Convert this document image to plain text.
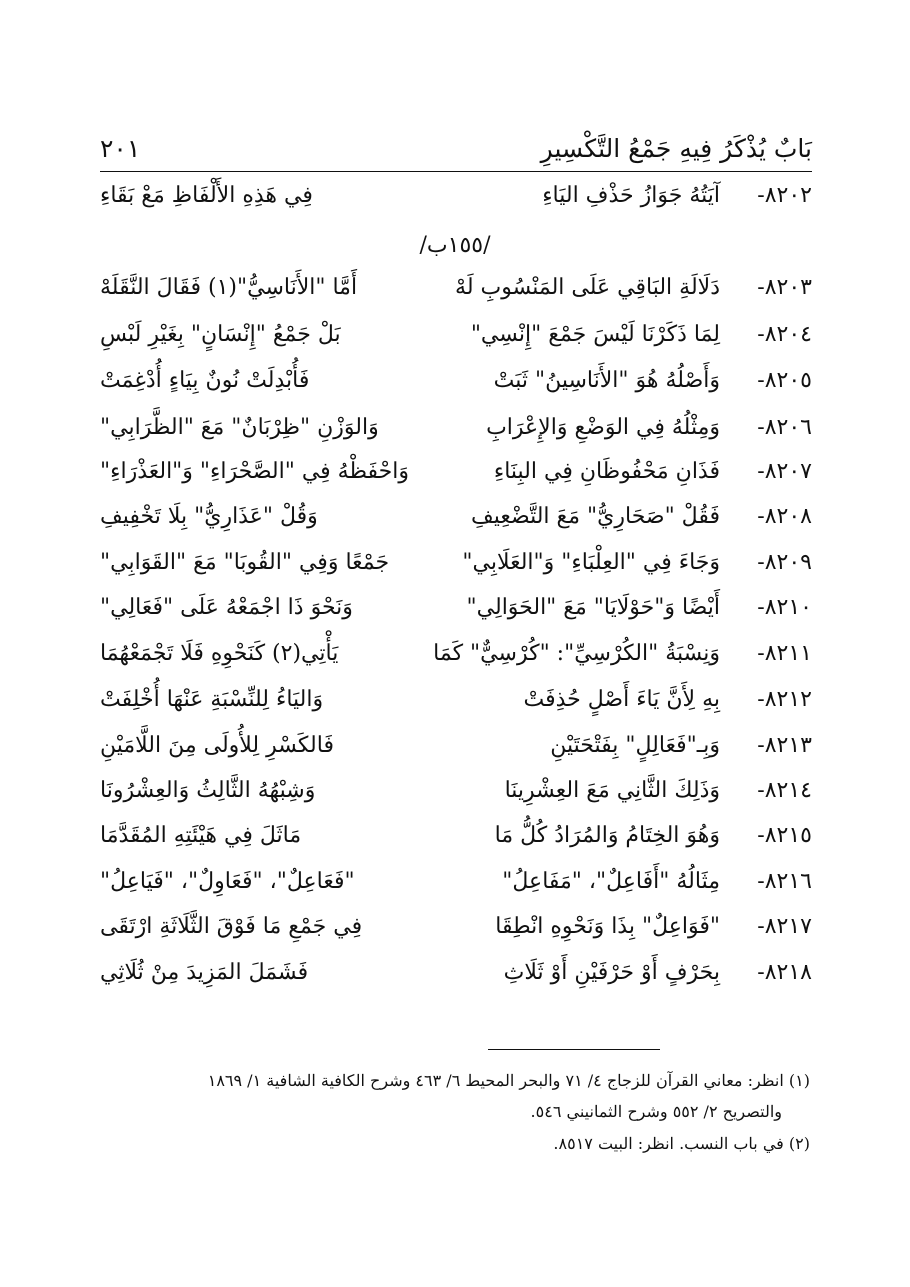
بَابٌ يُذْكَرُ فِيهِ جَمْعُ التَّكْسِيرِ
٢٠١
٨٢٠٢-
آيَتُهُ جَوَازُ حَذْفِ اليَاءِ
فِي هَذِهِ الأَلْفَاظِ مَعْ بَقَاءِ
/١٥٥ب/
٨٢٠٣-
دَلَالَةِ البَاقِي عَلَى المَنْسُوبِ لَهْ
أَمَّا "الأَنَاسِيُّ"(١) فَقَالَ النَّقَلَهْ
٨٢٠٤-
لِمَا ذَكَرْنَا لَيْسَ جَمْعَ "إِنْسِي"
بَلْ جَمْعُ "إِنْسَانٍ" بِغَيْرِ لَبْسِ
٨٢٠٥-
وَأَصْلُهُ هُوَ "الأَنَاسِينُ" ثَبَتْ
فَأُبْدِلَتْ نُونٌ بِيَاءٍ أُدْغِمَتْ
٨٢٠٦-
وَمِثْلُهُ فِي الوَضْعِ وَالإِعْرَابِ
وَالوَزْنِ "ظِرْبَانٌ" مَعَ "الظَّرَابِي"
٨٢٠٧-
فَذَانِ مَحْفُوظَانِ فِي البِنَاءِ
وَاحْفَظْهُ فِي "الصَّحْرَاءِ" وَ"العَذْرَاءِ"
٨٢٠٨-
فَقُلْ "صَحَارِيُّ" مَعَ التَّضْعِيفِ
وَقُلْ "عَذَارِيُّ" بِلَا تَخْفِيفِ
٨٢٠٩-
وَجَاءَ فِي "العِلْبَاءِ" وَ"العَلَابِي"
جَمْعًا وَفِي "القُوبَا" مَعَ "القَوَابِي"
٨٢١٠-
أَيْضًا وَ"حَوْلَايَا" مَعَ "الحَوَالِي"
وَنَحْوَ ذَا اجْمَعْهُ عَلَى "فَعَالِي"
٨٢١١-
وَنِسْبَةُ "الكُرْسِيِّ": "كُرْسِيٌّ" كَمَا
يَأْتِي(٢) كَنَحْوِهِ فَلَا تَجْمَعْهُمَا
٨٢١٢-
بِهِ لِأَنَّ يَاءَ أَصْلٍ حُذِفَتْ
وَاليَاءُ لِلنِّسْبَةِ عَنْهَا أُخْلِفَتْ
٨٢١٣-
وَبِـ"فَعَالِلٍ" بِفَتْحَتَيْنِ
فَالكَسْرِ لِلأُولَى مِنَ اللَّامَيْنِ
٨٢١٤-
وَذَلِكَ الثَّانِي مَعَ العِشْرِينَا
وَشِبْهُهُ الثَّالِثُ وَالعِشْرُونَا
٨٢١٥-
وَهُوَ الخِتَامُ وَالمُرَادُ كُلُّ مَا
مَاثَلَ فِي هَيْئَتِهِ المُقَدَّمَا
٨٢١٦-
مِثَالُهُ "أَفَاعِلٌ"، "مَفَاعِلُ"
"فَعَاعِلٌ"، "فَعَاوِلٌ"، "فَيَاعِلُ"
٨٢١٧-
"فَوَاعِلٌ" بِذَا وَنَحْوِهِ انْطِقَا
فِي جَمْعِ مَا فَوْقَ الثَّلَاثَةِ ارْتَقَى
٨٢١٨-
بِحَرْفٍ أَوْ حَرْفَيْنِ أَوْ ثَلَاثِ
فَشَمَلَ المَزِيدَ مِنْ ثُلَاثِي
(١) انظر: معاني القرآن للزجاج ٤/ ٧١ والبحر المحيط ٦/ ٤٦٣ وشرح الكافية الشافية ١/ ١٨٦٩
والتصريح ٢/ ٥٥٢ وشرح الثمانيني ٥٤٦.
(٢) في باب النسب. انظر: البيت ٨٥١٧.
